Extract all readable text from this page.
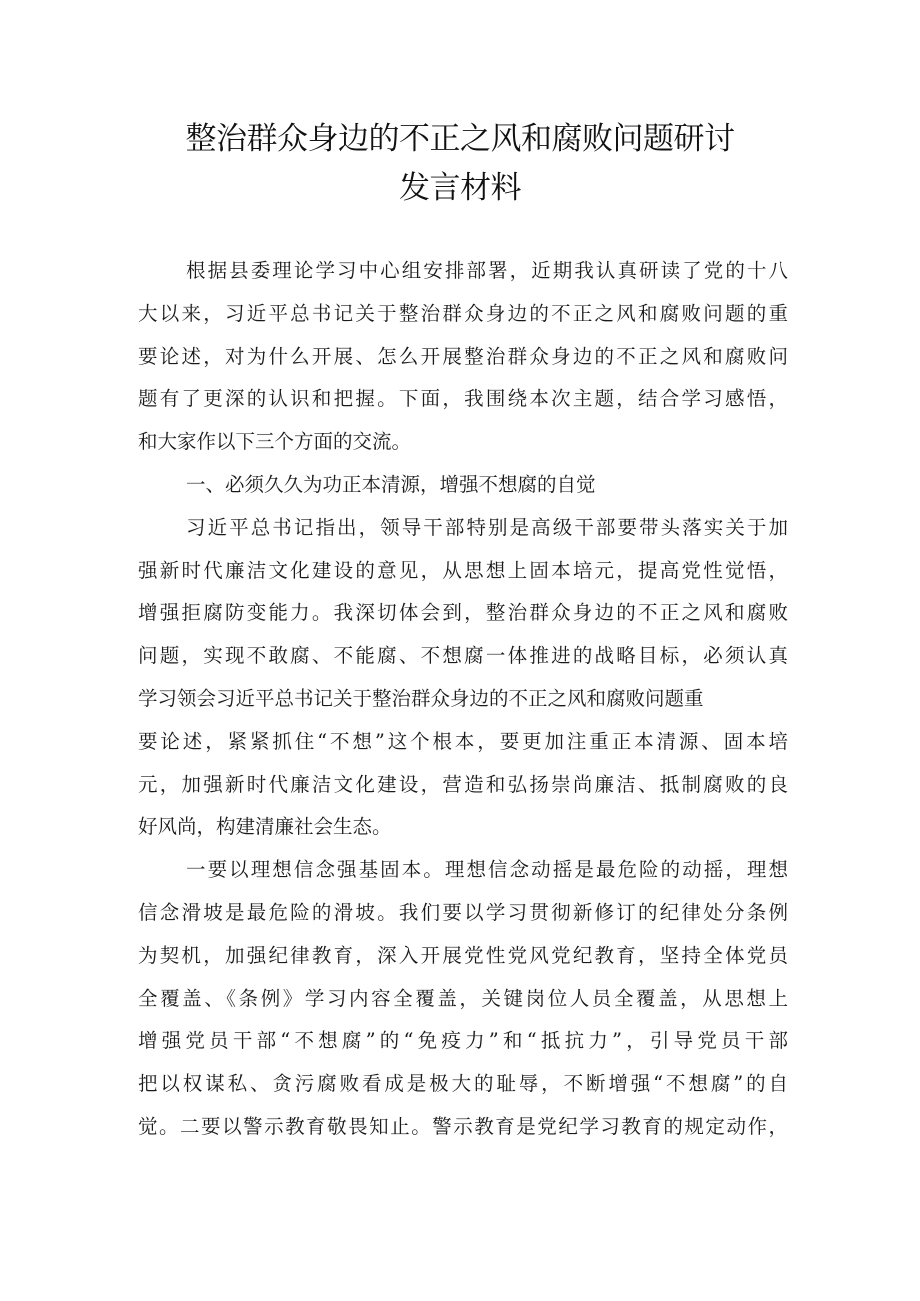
整治群众身边的不正之风和腐败问题研讨
发言材料

根据县委理论学习中心组安排部署，近期我认真研读了党的十八
大以来，习近平总书记关于整治群众身边的不正之风和腐败问题的重
要论述，对为什么开展、怎么开展整治群众身边的不正之风和腐败问
题有了更深的认识和把握。下面，我围绕本次主题，结合学习感悟，
和大家作以下三个方面的交流。

一、必须久久为功正本清源，增强不想腐的自觉

习近平总书记指出，领导干部特别是高级干部要带头落实关于加
强新时代廉洁文化建设的意见，从思想上固本培元，提高党性觉悟，
增强拒腐防变能力。我深切体会到，整治群众身边的不正之风和腐败
问题，实现不敢腐、不能腐、不想腐一体推进的战略目标，必须认真
学习领会习近平总书记关于整治群众身边的不正之风和腐败问题重
要论述，紧紧抓住“不想”这个根本，要更加注重正本清源、固本培
元，加强新时代廉洁文化建设，营造和弘扬崇尚廉洁、抵制腐败的良
好风尚，构建清廉社会生态。

一要以理想信念强基固本。理想信念动摇是最危险的动摇，理想
信念滑坡是最危险的滑坡。我们要以学习贯彻新修订的纪律处分条例
为契机，加强纪律教育，深入开展党性党风党纪教育，坚持全体党员
全覆盖、《条例》学习内容全覆盖，关键岗位人员全覆盖，从思想上
增强党员干部“不想腐”的“免疫力”和“抵抗力”，引导党员干部
把以权谋私、贪污腐败看成是极大的耻辱，不断增强“不想腐”的自
觉。二要以警示教育敬畏知止。警示教育是党纪学习教育的规定动作，
